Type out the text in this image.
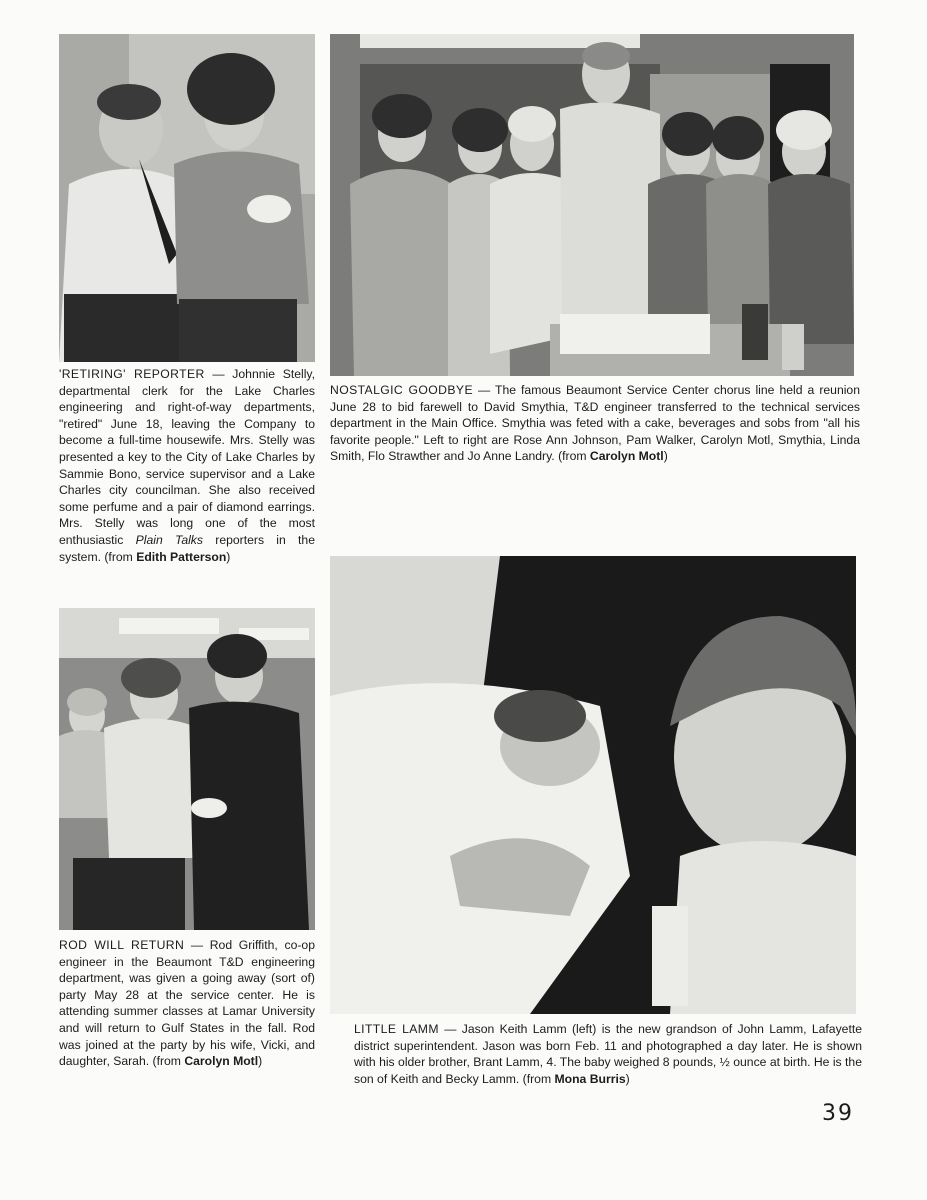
'RETIRING' REPORTER — Johnnie Stelly, departmental clerk for the Lake Charles engineering and right-of-way departments, "retired" June 18, leaving the Company to become a full-time housewife. Mrs. Stelly was presented a key to the City of Lake Charles by Sammie Bono, service supervisor and a Lake Charles city councilman. She also received some perfume and a pair of diamond earrings. Mrs. Stelly was long one of the most enthusiastic Plain Talks reporters in the system. (from Edith Patterson)

NOSTALGIC GOODBYE — The famous Beaumont Service Center chorus line held a reunion June 28 to bid farewell to David Smythia, T&D engineer transferred to the technical services department in the Main Office. Smythia was feted with a cake, beverages and sobs from "all his favorite people." Left to right are Rose Ann Johnson, Pam Walker, Carolyn Motl, Smythia, Linda Smith, Flo Strawther and Jo Anne Landry. (from Carolyn Motl)

ROD WILL RETURN — Rod Griffith, co-op engineer in the Beaumont T&D engineering department, was given a going away (sort of) party May 28 at the service center. He is attending summer classes at Lamar University and will return to Gulf States in the fall. Rod was joined at the party by his wife, Vicki, and daughter, Sarah. (from Carolyn Motl)

LITTLE LAMM — Jason Keith Lamm (left) is the new grandson of John Lamm, Lafayette district superintendent. Jason was born Feb. 11 and photographed a day later. He is shown with his older brother, Brant Lamm, 4. The baby weighed 8 pounds, ½ ounce at birth. He is the son of Keith and Becky Lamm. (from Mona Burris)

39
